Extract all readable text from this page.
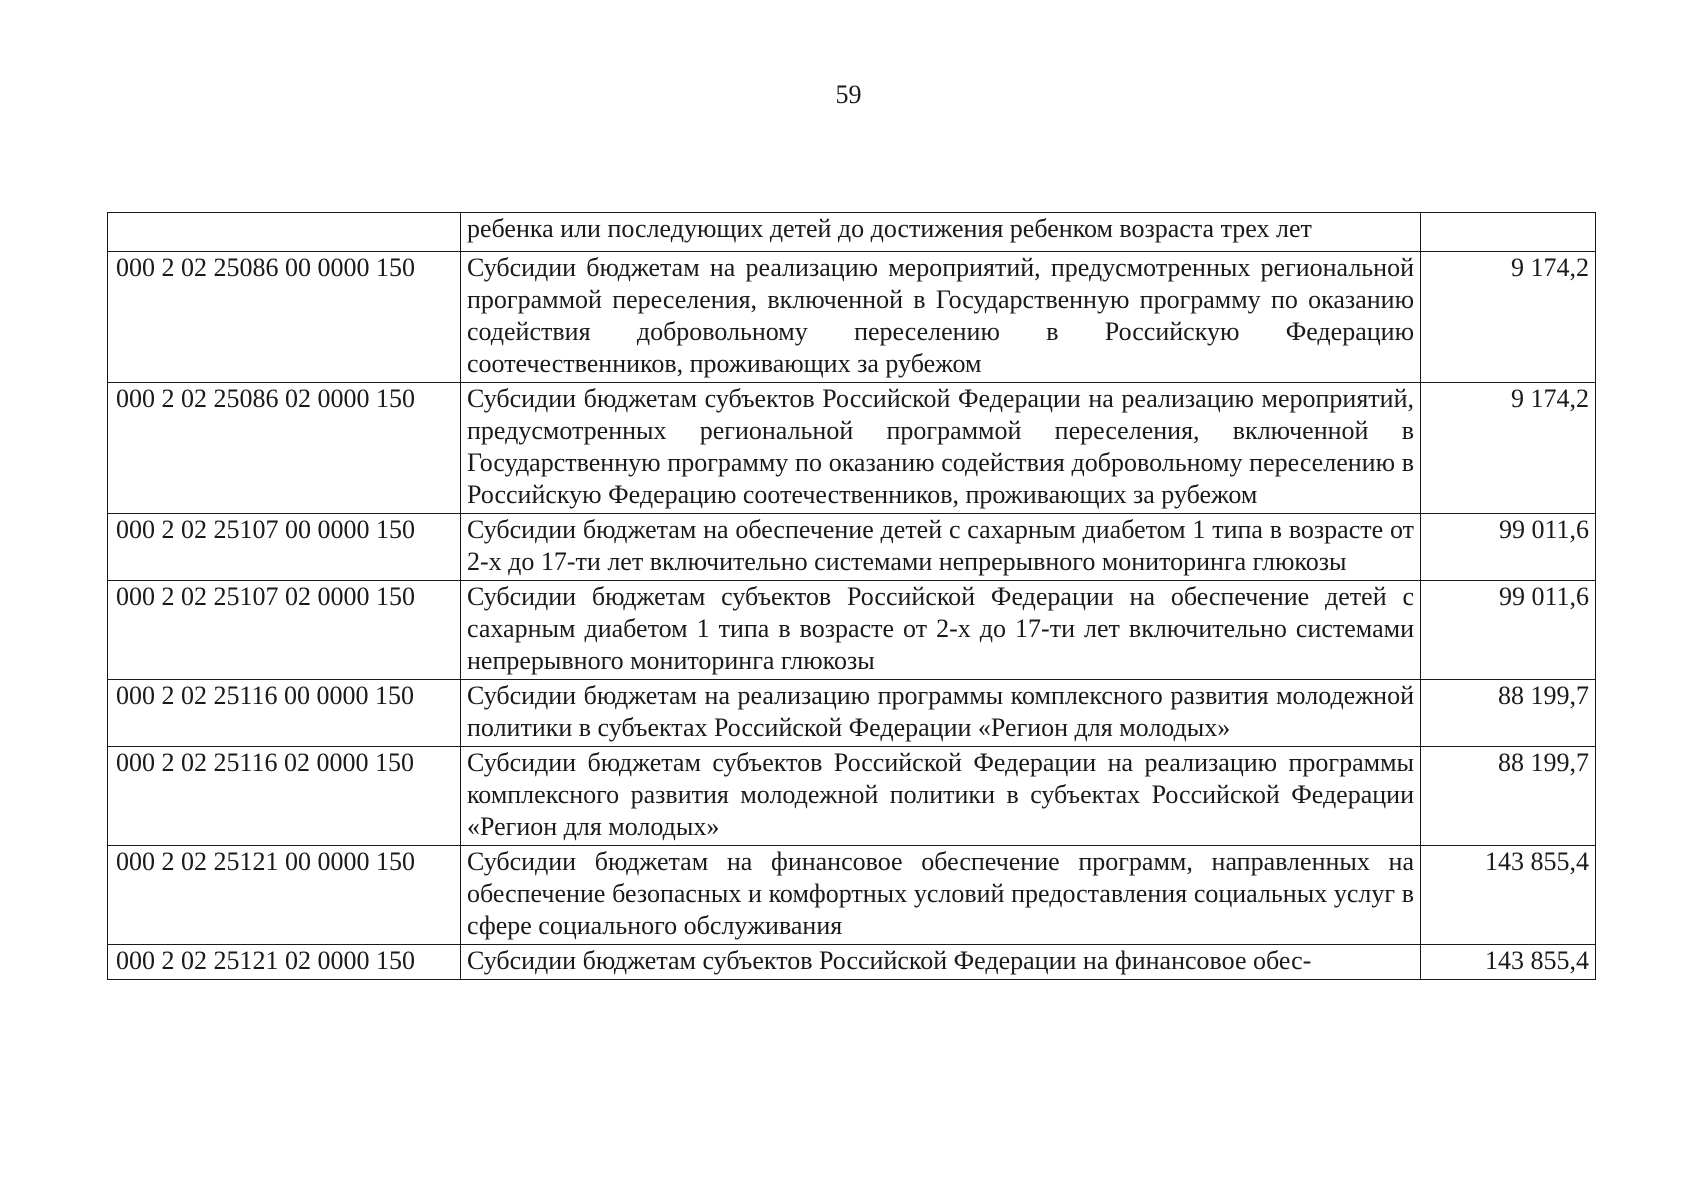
59
	ребенка или последующих детей до достижения ребенком возраста трех лет	
000 2 02 25086 00 0000 150	Субсидии бюджетам на реализацию мероприятий, предусмотренных региональной программой переселения, включенной в Государственную программу по оказанию содействия добровольному переселению в Российскую Федерацию соотечественников, проживающих за рубежом	9 174,2
000 2 02 25086 02 0000 150	Субсидии бюджетам субъектов Российской Федерации на реализацию мероприятий, предусмотренных региональной программой переселения, включенной в Государственную программу по оказанию содействия добровольному переселению в Российскую Федерацию соотечественников, проживающих за рубежом	9 174,2
000 2 02 25107 00 0000 150	Субсидии бюджетам на обеспечение детей с сахарным диабетом 1 типа в возрасте от 2-х до 17-ти лет включительно системами непрерывного мониторинга глюкозы	99 011,6
000 2 02 25107 02 0000 150	Субсидии бюджетам субъектов Российской Федерации на обеспечение детей с сахарным диабетом 1 типа в возрасте от 2-х до 17-ти лет включительно системами непрерывного мониторинга глюкозы	99 011,6
000 2 02 25116 00 0000 150	Субсидии бюджетам на реализацию программы комплексного развития молодежной политики в субъектах Российской Федерации «Регион для молодых»	88 199,7
000 2 02 25116 02 0000 150	Субсидии бюджетам субъектов Российской Федерации на реализацию программы комплексного развития молодежной политики в субъектах Российской Федерации «Регион для молодых»	88 199,7
000 2 02 25121 00 0000 150	Субсидии бюджетам на финансовое обеспечение программ, направленных на обеспечение безопасных и комфортных условий предоставления социальных услуг в сфере социального обслуживания	143 855,4
000 2 02 25121 02 0000 150	Субсидии бюджетам субъектов Российской Федерации на финансовое обес-	143 855,4
